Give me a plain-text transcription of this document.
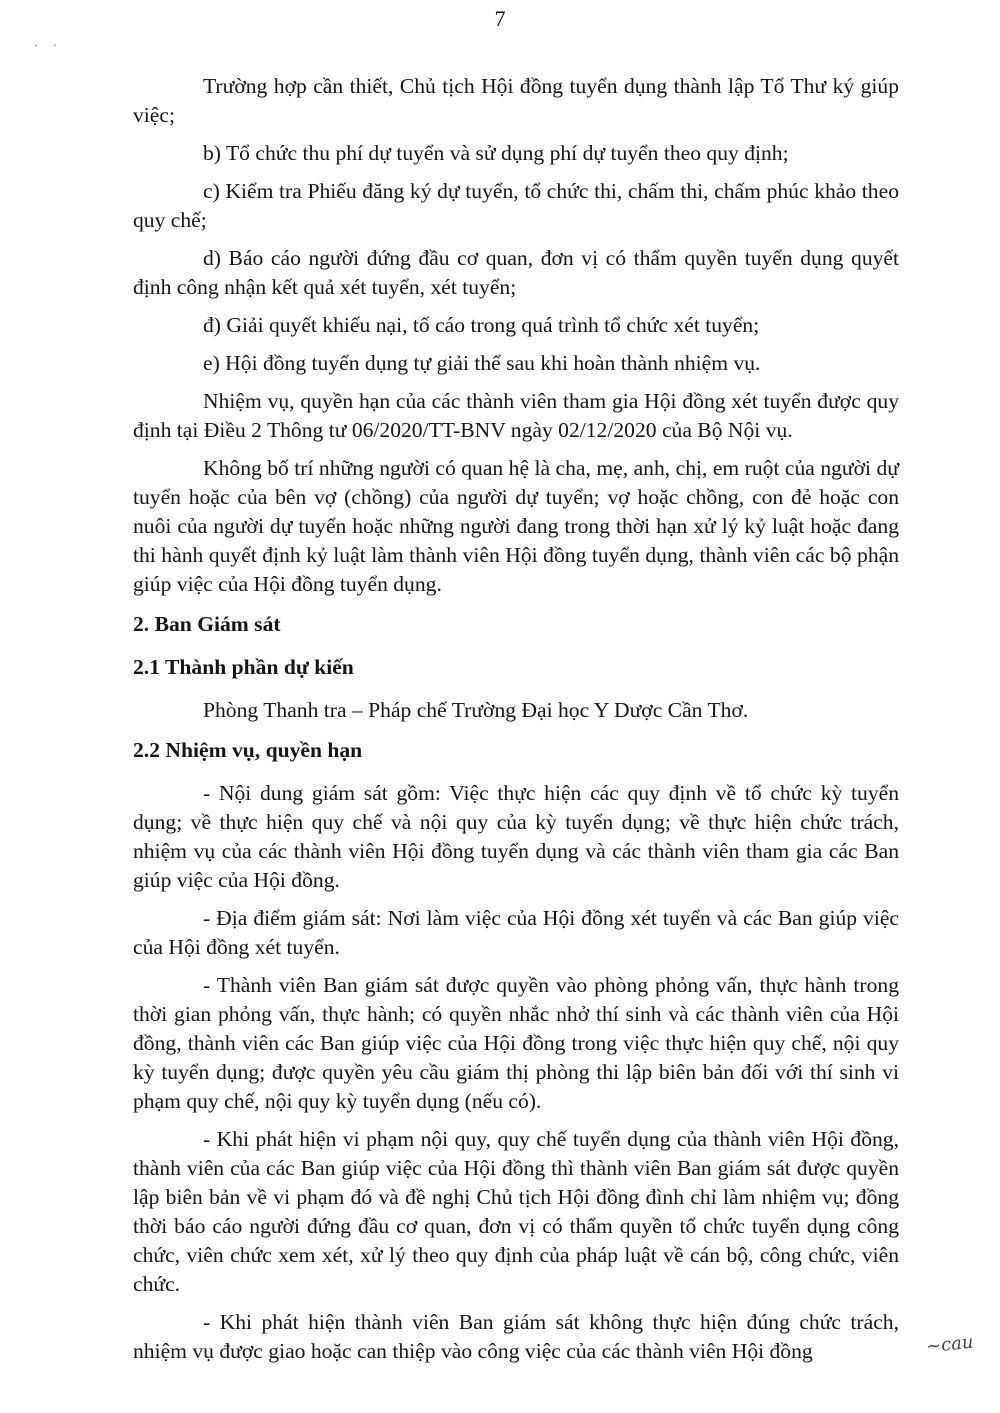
7
· ·

Trường hợp cần thiết, Chủ tịch Hội đồng tuyển dụng thành lập Tổ Thư ký giúp việc;

b) Tổ chức thu phí dự tuyển và sử dụng phí dự tuyển theo quy định;

c) Kiểm tra Phiếu đăng ký dự tuyển, tổ chức thi, chấm thi, chấm phúc khảo theo quy chế;

d) Báo cáo người đứng đầu cơ quan, đơn vị có thẩm quyền tuyển dụng quyết định công nhận kết quả xét tuyển, xét tuyển;

đ) Giải quyết khiếu nại, tố cáo trong quá trình tổ chức xét tuyển;

e) Hội đồng tuyển dụng tự giải thể sau khi hoàn thành nhiệm vụ.

Nhiệm vụ, quyền hạn của các thành viên tham gia Hội đồng xét tuyển được quy định tại Điều 2 Thông tư 06/2020/TT-BNV ngày 02/12/2020 của Bộ Nội vụ.

Không bố trí những người có quan hệ là cha, mẹ, anh, chị, em ruột của người dự tuyển hoặc của bên vợ (chồng) của người dự tuyển; vợ hoặc chồng, con đẻ hoặc con nuôi của người dự tuyển hoặc những người đang trong thời hạn xử lý kỷ luật hoặc đang thi hành quyết định kỷ luật làm thành viên Hội đồng tuyển dụng, thành viên các bộ phận giúp việc của Hội đồng tuyển dụng.

2. Ban Giám sát

2.1 Thành phần dự kiến

Phòng Thanh tra – Pháp chế Trường Đại học Y Dược Cần Thơ.

2.2 Nhiệm vụ, quyền hạn

- Nội dung giám sát gồm: Việc thực hiện các quy định về tổ chức kỳ tuyển dụng; về thực hiện quy chế và nội quy của kỳ tuyển dụng; về thực hiện chức trách, nhiệm vụ của các thành viên Hội đồng tuyển dụng và các thành viên tham gia các Ban giúp việc của Hội đồng.

- Địa điểm giám sát: Nơi làm việc của Hội đồng xét tuyển và các Ban giúp việc của Hội đồng xét tuyển.

- Thành viên Ban giám sát được quyền vào phòng phỏng vấn, thực hành trong thời gian phỏng vấn, thực hành; có quyền nhắc nhở thí sinh và các thành viên của Hội đồng, thành viên các Ban giúp việc của Hội đồng trong việc thực hiện quy chế, nội quy kỳ tuyển dụng; được quyền yêu cầu giám thị phòng thi lập biên bản đối với thí sinh vi phạm quy chế, nội quy kỳ tuyển dụng (nếu có).

- Khi phát hiện vi phạm nội quy, quy chế tuyển dụng của thành viên Hội đồng, thành viên của các Ban giúp việc của Hội đồng thì thành viên Ban giám sát được quyền lập biên bản về vi phạm đó và đề nghị Chủ tịch Hội đồng đình chỉ làm nhiệm vụ; đồng thời báo cáo người đứng đầu cơ quan, đơn vị có thẩm quyền tổ chức tuyển dụng công chức, viên chức xem xét, xử lý theo quy định của pháp luật về cán bộ, công chức, viên chức.

- Khi phát hiện thành viên Ban giám sát không thực hiện đúng chức trách, nhiệm vụ được giao hoặc can thiệp vào công việc của các thành viên Hội đồng	~cau
